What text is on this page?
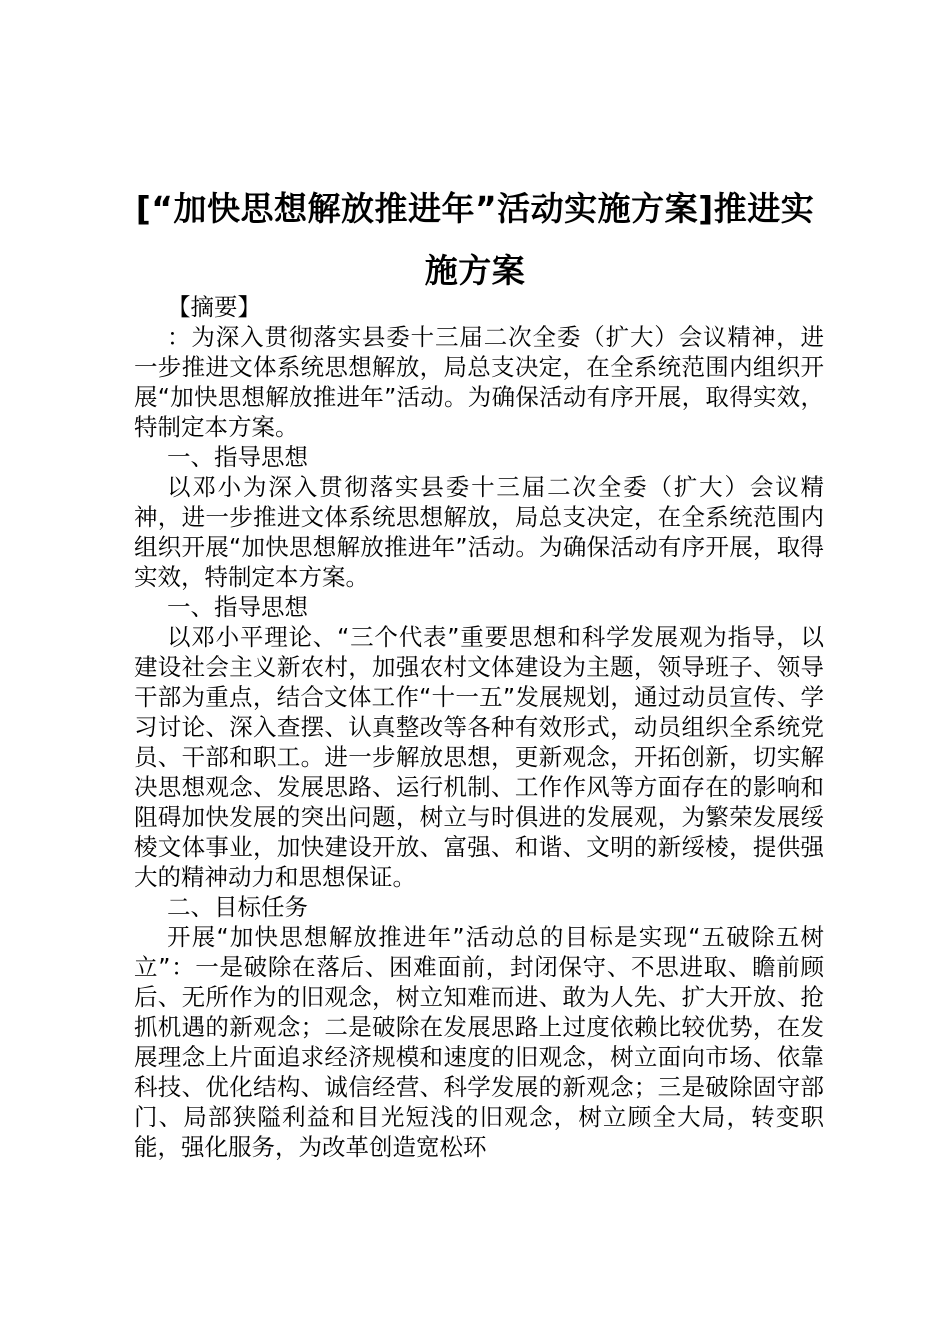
[“加快思想解放推进年”活动实施方案]推进实施方案

【摘要】

：为深入贯彻落实县委十三届二次全委（扩大）会议精神，进一步推进文体系统思想解放，局总支决定，在全系统范围内组织开展“加快思想解放推进年”活动。为确保活动有序开展，取得实效，特制定本方案。

一、指导思想

以邓小为深入贯彻落实县委十三届二次全委（扩大）会议精神，进一步推进文体系统思想解放，局总支决定，在全系统范围内组织开展“加快思想解放推进年”活动。为确保活动有序开展，取得实效，特制定本方案。

一、指导思想

以邓小平理论、“三个代表”重要思想和科学发展观为指导，以建设社会主义新农村，加强农村文体建设为主题，领导班子、领导干部为重点，结合文体工作“十一五”发展规划，通过动员宣传、学习讨论、深入查摆、认真整改等各种有效形式，动员组织全系统党员、干部和职工。进一步解放思想，更新观念，开拓创新，切实解决思想观念、发展思路、运行机制、工作作风等方面存在的影响和阻碍加快发展的突出问题，树立与时俱进的发展观，为繁荣发展绥棱文体事业，加快建设开放、富强、和谐、文明的新绥棱，提供强大的精神动力和思想保证。

二、目标任务

开展“加快思想解放推进年”活动总的目标是实现“五破除五树立”：一是破除在落后、困难面前，封闭保守、不思进取、瞻前顾后、无所作为的旧观念，树立知难而进、敢为人先、扩大开放、抢抓机遇的新观念；二是破除在发展思路上过度依赖比较优势，在发展理念上片面追求经济规模和速度的旧观念，树立面向市场、依靠科技、优化结构、诚信经营、科学发展的新观念；三是破除固守部门、局部狭隘利益和目光短浅的旧观念，树立顾全大局，转变职能，强化服务，为改革创造宽松环
